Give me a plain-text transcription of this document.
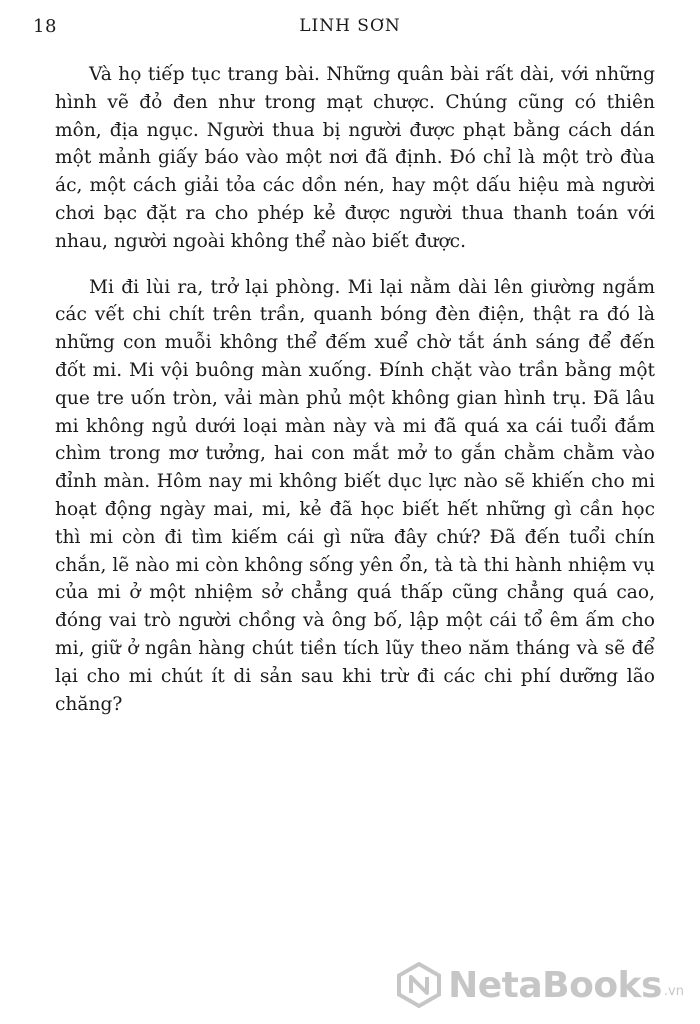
18	LINH SƠN

Và họ tiếp tục trang bài. Những quân bài rất dài, với những hình vẽ đỏ đen như trong mạt chược. Chúng cũng có thiên môn, địa ngục. Người thua bị người được phạt bằng cách dán một mảnh giấy báo vào một nơi đã định. Đó chỉ là một trò đùa ác, một cách giải tỏa các dồn nén, hay một dấu hiệu mà người chơi bạc đặt ra cho phép kẻ được người thua thanh toán với nhau, người ngoài không thể nào biết được.

Mi đi lùi ra, trở lại phòng. Mi lại nằm dài lên giường ngắm các vết chi chít trên trần, quanh bóng đèn điện, thật ra đó là những con muỗi không thể đếm xuể chờ tắt ánh sáng để đến đốt mi. Mi vội buông màn xuống. Đính chặt vào trần bằng một que tre uốn tròn, vải màn phủ một không gian hình trụ. Đã lâu mi không ngủ dưới loại màn này và mi đã quá xa cái tuổi đắm chìm trong mơ tưởng, hai con mắt mở to gắn chằm chằm vào đỉnh màn. Hôm nay mi không biết dục lực nào sẽ khiến cho mi hoạt động ngày mai, mi, kẻ đã học biết hết những gì cần học thì mi còn đi tìm kiếm cái gì nữa đây chứ? Đã đến tuổi chín chắn, lẽ nào mi còn không sống yên ổn, tà tà thi hành nhiệm vụ của mi ở một nhiệm sở chẳng quá thấp cũng chẳng quá cao, đóng vai trò người chồng và ông bố, lập một cái tổ êm ấm cho mi, giữ ở ngân hàng chút tiền tích lũy theo năm tháng và sẽ để lại cho mi chút ít di sản sau khi trừ đi các chi phí dưỡng lão chăng?

NetaBooks .vn
